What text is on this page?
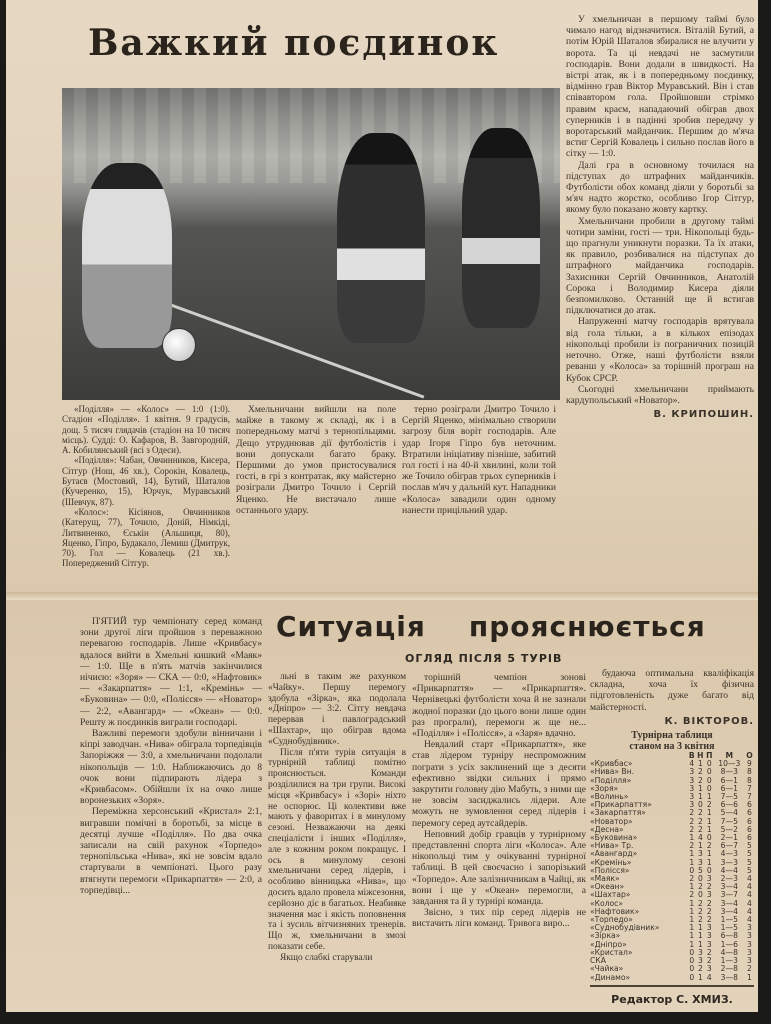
Важкий поєдинок

«Поділля» — «Колос» — 1:0 (1:0). Стадіон «Поділля». 1 квітня. 9 градусів, дощ. 5 тисяч глядачів (стадіон на 10 тисяч місць). Судді: О. Кафаров, В. Завгородній, А. Кобилянський (всі з Одеси).

«Поділля»: Чабан, Овчинников, Кисера, Сітгур (Нош, 46 хв.), Сорокін, Ковалець, Бутаєв (Мостовий, 14), Бутий, Шаталов (Кучеренко, 15), Юрчук, Муравський (Шевчук, 87).

«Колос»: Кісіянов, Овчинников (Катерущ, 77), Точило, Доній, Німкіді, Литвиненко, Єськін (Альшиця, 80), Яценко, Гіпро, Будакало, Лемиш (Дмитрук, 70). Гол — Ковалець (21 хв.). Попереджений Сітгур.

Хмельничани вийшли на поле майже в такому ж складі, як і в попередньому матчі з тернопільцями. Дещо утруднював дії футболістів і вони допускали багато браку. Першими до умов пристосувалися гості, в грі з контратак, яку майстерно розіграли Дмитро Точило і Сергій Яценко. Не вистачало лише останнього удару.

терно розіграли Дмитро Точило і Сергій Яценко, мінімально створили загрозу біля воріт господарів. Але удар Ігоря Гіпро був неточним. Втратили ініціативу пізніше, забитий гол гості і на 40-й хвилині, коли той же Точило обіграв трьох суперників і послав м'яч у дальній кут. Нападники «Колоса» завадили один одному нанести прицільний удар.

У хмельничан в першому таймі було чимало нагод відзначитися. Віталій Бутий, а потім Юрій Шаталов збиралися не влучити у ворота. Та ці невдачі не засмутили господарів. Вони додали в швидкості. На вістрі атак, як і в попередньому поєдинку, відмінно грав Віктор Муравський. Він і став співавтором гола. Пройшовши стрімко правим краєм, нападаючий обіграв двох суперників і в падінні зробив передачу у воротарський майданчик. Першим до м'яча встиг Сергій Ковалець і сильно послав його в сітку — 1:0.

Далі гра в основному точилася на підступах до штрафних майданчиків. Футболісти обох команд діяли у боротьбі за м'яч надто жорстко, особливо Ігор Сітгур, якому було показано жовту картку.

Хмельничани пробили в другому таймі чотири заміни, гості — три. Нікопольці будь-що прагнули уникнути поразки. Та їх атаки, як правило, розбивалися на підступах до штрафного майданчика господарів. Захисники Сергій Овчинников, Анатолій Сорока і Володимир Кисера діяли безпомилково. Останній ще й встигав підключатися до атак.

Напруженні матчу господарів врятувала від гола тільки, а в кількох епізодах нікопольці пробили із пограничних позицій неточно. Отже, наші футболісти взяли реванш у «Колоса» за торішній програш на Кубок СРСР.

Сьогодні хмельничани приймають кардупольський «Новатор».

В. КРИПОШИН.
Ситуація    прояснюється
ОГЛЯД ПІСЛЯ 5 ТУРІВ

П'ЯТИЙ тур чемпіонату серед команд зони другої ліги пройшов з переважною перевагою господарів. Лише «Кривбасу» вдалося вийти в Хмельнi кишкий «Маяк» — 1:0. Ще в п'ять матчів закінчилися нічиєю: «Зоря» — СКА — 0:0, «Нафтовик» — «Закарпаття» — 1:1, «Кремінь» — «Буковина» — 0:0, «Полісся» — «Новатор» — 2:2, «Авангард» — «Океан» — 0:0. Решту ж поєдинків виграли господарі.

Важливі перемоги здобули вінничани і кіпрі заводчан. «Нива» обіграла торпедівців Запоріжжя — 3:0, а хмельничани подолали нікопольців — 1:0. Наближаючись до 8 очок вони підпирають лідера з «Кривбасом». Обійшли їх на очко лише воронезьких «Зоря».

Переміжна херсонський «Кристал» 2:1, вигравши помічні в боротьбі, за місце в десятці лучше «Поділля». По два очка записали на свій рахунок «Торпедо» тернопільська «Нива», які не зовсім вдало стартували в чемпіонаті. Цього разу втягнути перемоги «Прикарпаття» — 2:0, а торпедівці...

льні в таким же рахунком «Чайку». Першу перемогу здобула «Зірка», яка подолала «Дніпро» — 3:2. Сітгу невдача перервав і павлоградський «Шахтар», що обіграв вдома «Суднобудівник».

Після п'яти турів ситуація в турнірній таблиці помітно прояснюється. Команди розділилися на три групи. Високі місця «Кривбасу» і «Зорі» ніхто не оспорює. Ці колективи вже мають у фаворитах і в минулому сезоні. Незважаючи на деякі спеціалісти і інших «Поділля», але з кожним роком покращує. І ось в минулому сезоні хмельничани серед лідерів, і особливо вінницька «Нива», що досить вдало провела міжсезоння, серйозно діє в багатьох. Неабияке значення має і якість поповнення та і зусиль вітчизняних тренерів. Що ж, хмельничани в змозі показати себе.

Якщо слабкі старували

торішній чемпіон зонові «Прикарпаття» — «Прикарпаття». Чернівецькі футболісти хоча й не зазнали жодної поразки (до цього вони лише один раз програли), перемоги ж ще не... «Поділля» і «Полісся», а «Заря» вдачно.

Невдалий старт «Прикарпаття», яке став лідером турніру неспроможним пограти з усіх заклинений ще з десяти ефективно звідки сильних і прямо закрутити головну дію Мабуть, з ними ще не зовсім засиджались лідери. Але можуть не зумовлення серед лідерів і перемогу серед аутсайдерів.

Неповний добір гравців у турнірному представленні спорта ліги «Колоса». Але нікопольці тим у очікуванні турнірної таблиці. В цей своєчасно і запорізький «Торпедо». Але залізничникам в Чайці, як вони і ще у «Океан» перемогли, а завдання та й у турнірі команда.

Звісно, з тих пір серед лідерів не вистачить ліги команд. Тривога виро...

будаюча оптимальна кваліфікація складна, хоча їх фізична підготовленість дуже багато від майстерності.

К. ВІКТОРОВ.
Турнірна таблиця
станом на 3 квітня
	В	Н	П	М	О
«Кривбас»	4	1	0	10—3	9
«Нива» Вн.	3	2	0	8—3	8
«Поділля»	3	2	0	6—1	8
«Зоря»	3	1	0	6—1	7
«Волинь»	3	1	1	7—5	7
«Прикарпаття»	3	0	2	6—6	6
«Закарпаття»	2	2	1	5—4	6
«Новатор»	2	2	1	7—5	6
«Десна»	2	2	1	5—2	6
«Буковина»	1	4	0	2—1	6
«Нива» Тр.	2	1	2	6—7	5
«Авангард»	1	3	1	4—3	5
«Кремінь»	1	3	1	3—3	5
«Полісся»	0	5	0	4—4	5
«Маяк»	2	0	3	2—3	4
«Океан»	1	2	2	3—4	4
«Шахтар»	2	0	3	3—7	4
«Колос»	1	2	2	3—4	4
«Нафтовик»	1	2	2	3—4	4
«Торпедо»	1	2	2	1—5	4
«Суднобудівник»	1	1	3	1—5	3
«Зірка»	1	1	3	6—8	3
«Дніпро»	1	1	3	1—6	3
«Кристал»	0	3	2	4—8	3
СКА	0	3	2	1—3	3
«Чайка»	0	2	3	2—8	2
«Динамо»	0	1	4	3—8	1
Редактор С. ХМИЗ.
